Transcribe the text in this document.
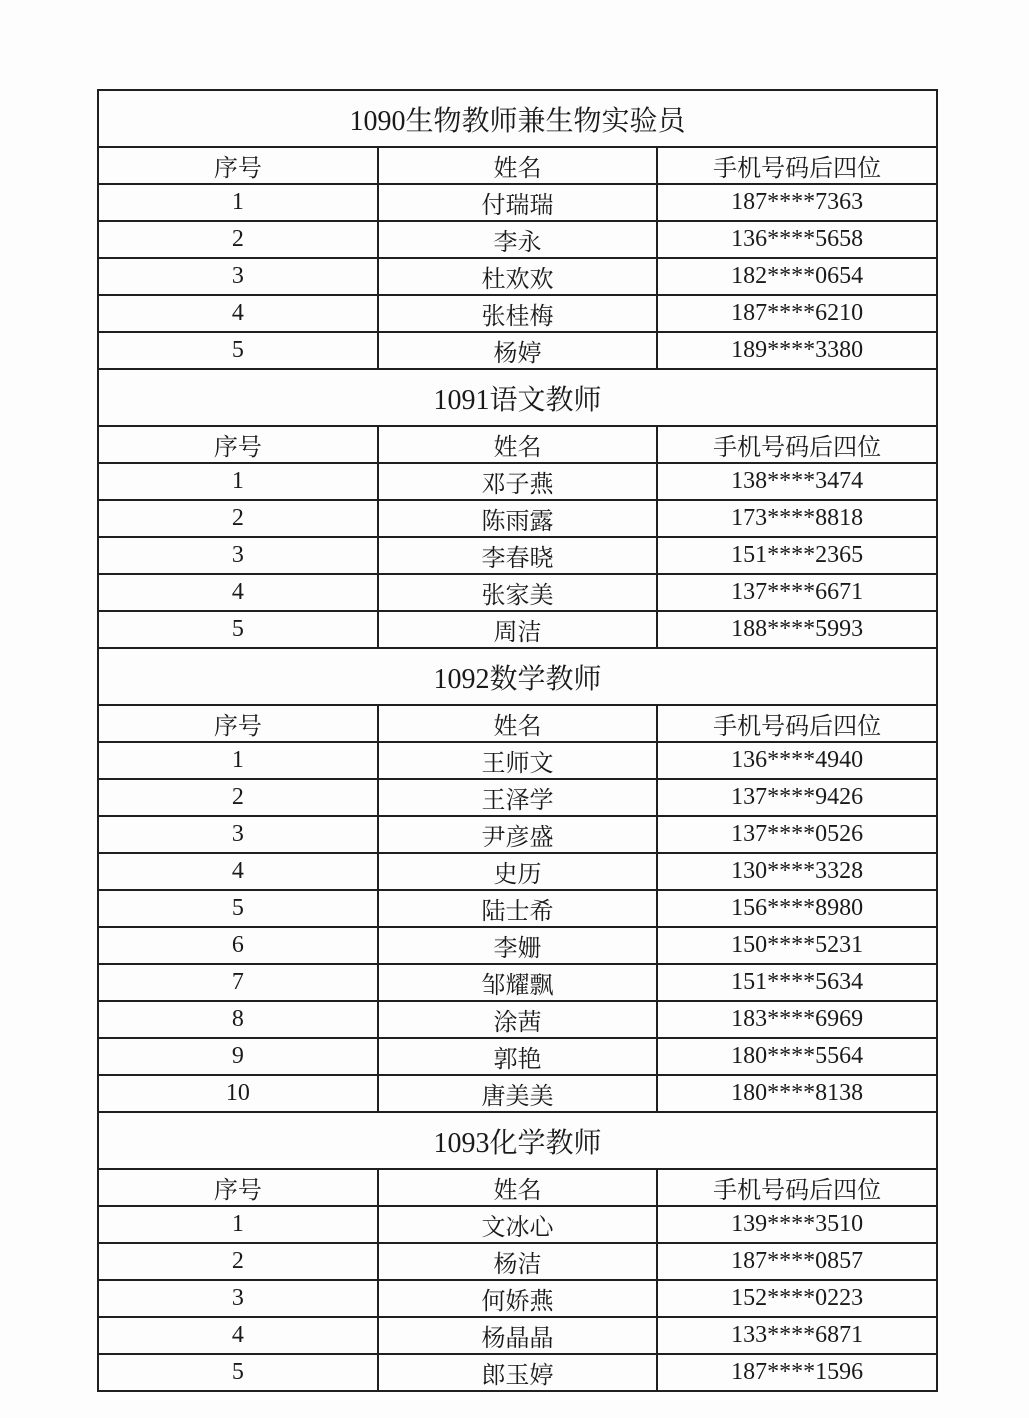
1090生物教师兼生物实验员		
序号	姓名	手机号码后四位
1	付瑞瑞	187****7363
2	李永	136****5658
3	杜欢欢	182****0654
4	张桂梅	187****6210
5	杨婷	189****3380
1091语文教师		
序号	姓名	手机号码后四位
1	邓子燕	138****3474
2	陈雨露	173****8818
3	李春晓	151****2365
4	张家美	137****6671
5	周洁	188****5993
1092数学教师		
序号	姓名	手机号码后四位
1	王师文	136****4940
2	王泽学	137****9426
3	尹彦盛	137****0526
4	史历	130****3328
5	陆士希	156****8980
6	李姗	150****5231
7	邹耀飘	151****5634
8	涂茜	183****6969
9	郭艳	180****5564
10	唐美美	180****8138
1093化学教师		
序号	姓名	手机号码后四位
1	文冰心	139****3510
2	杨洁	187****0857
3	何娇燕	152****0223
4	杨晶晶	133****6871
5	郎玉婷	187****1596
